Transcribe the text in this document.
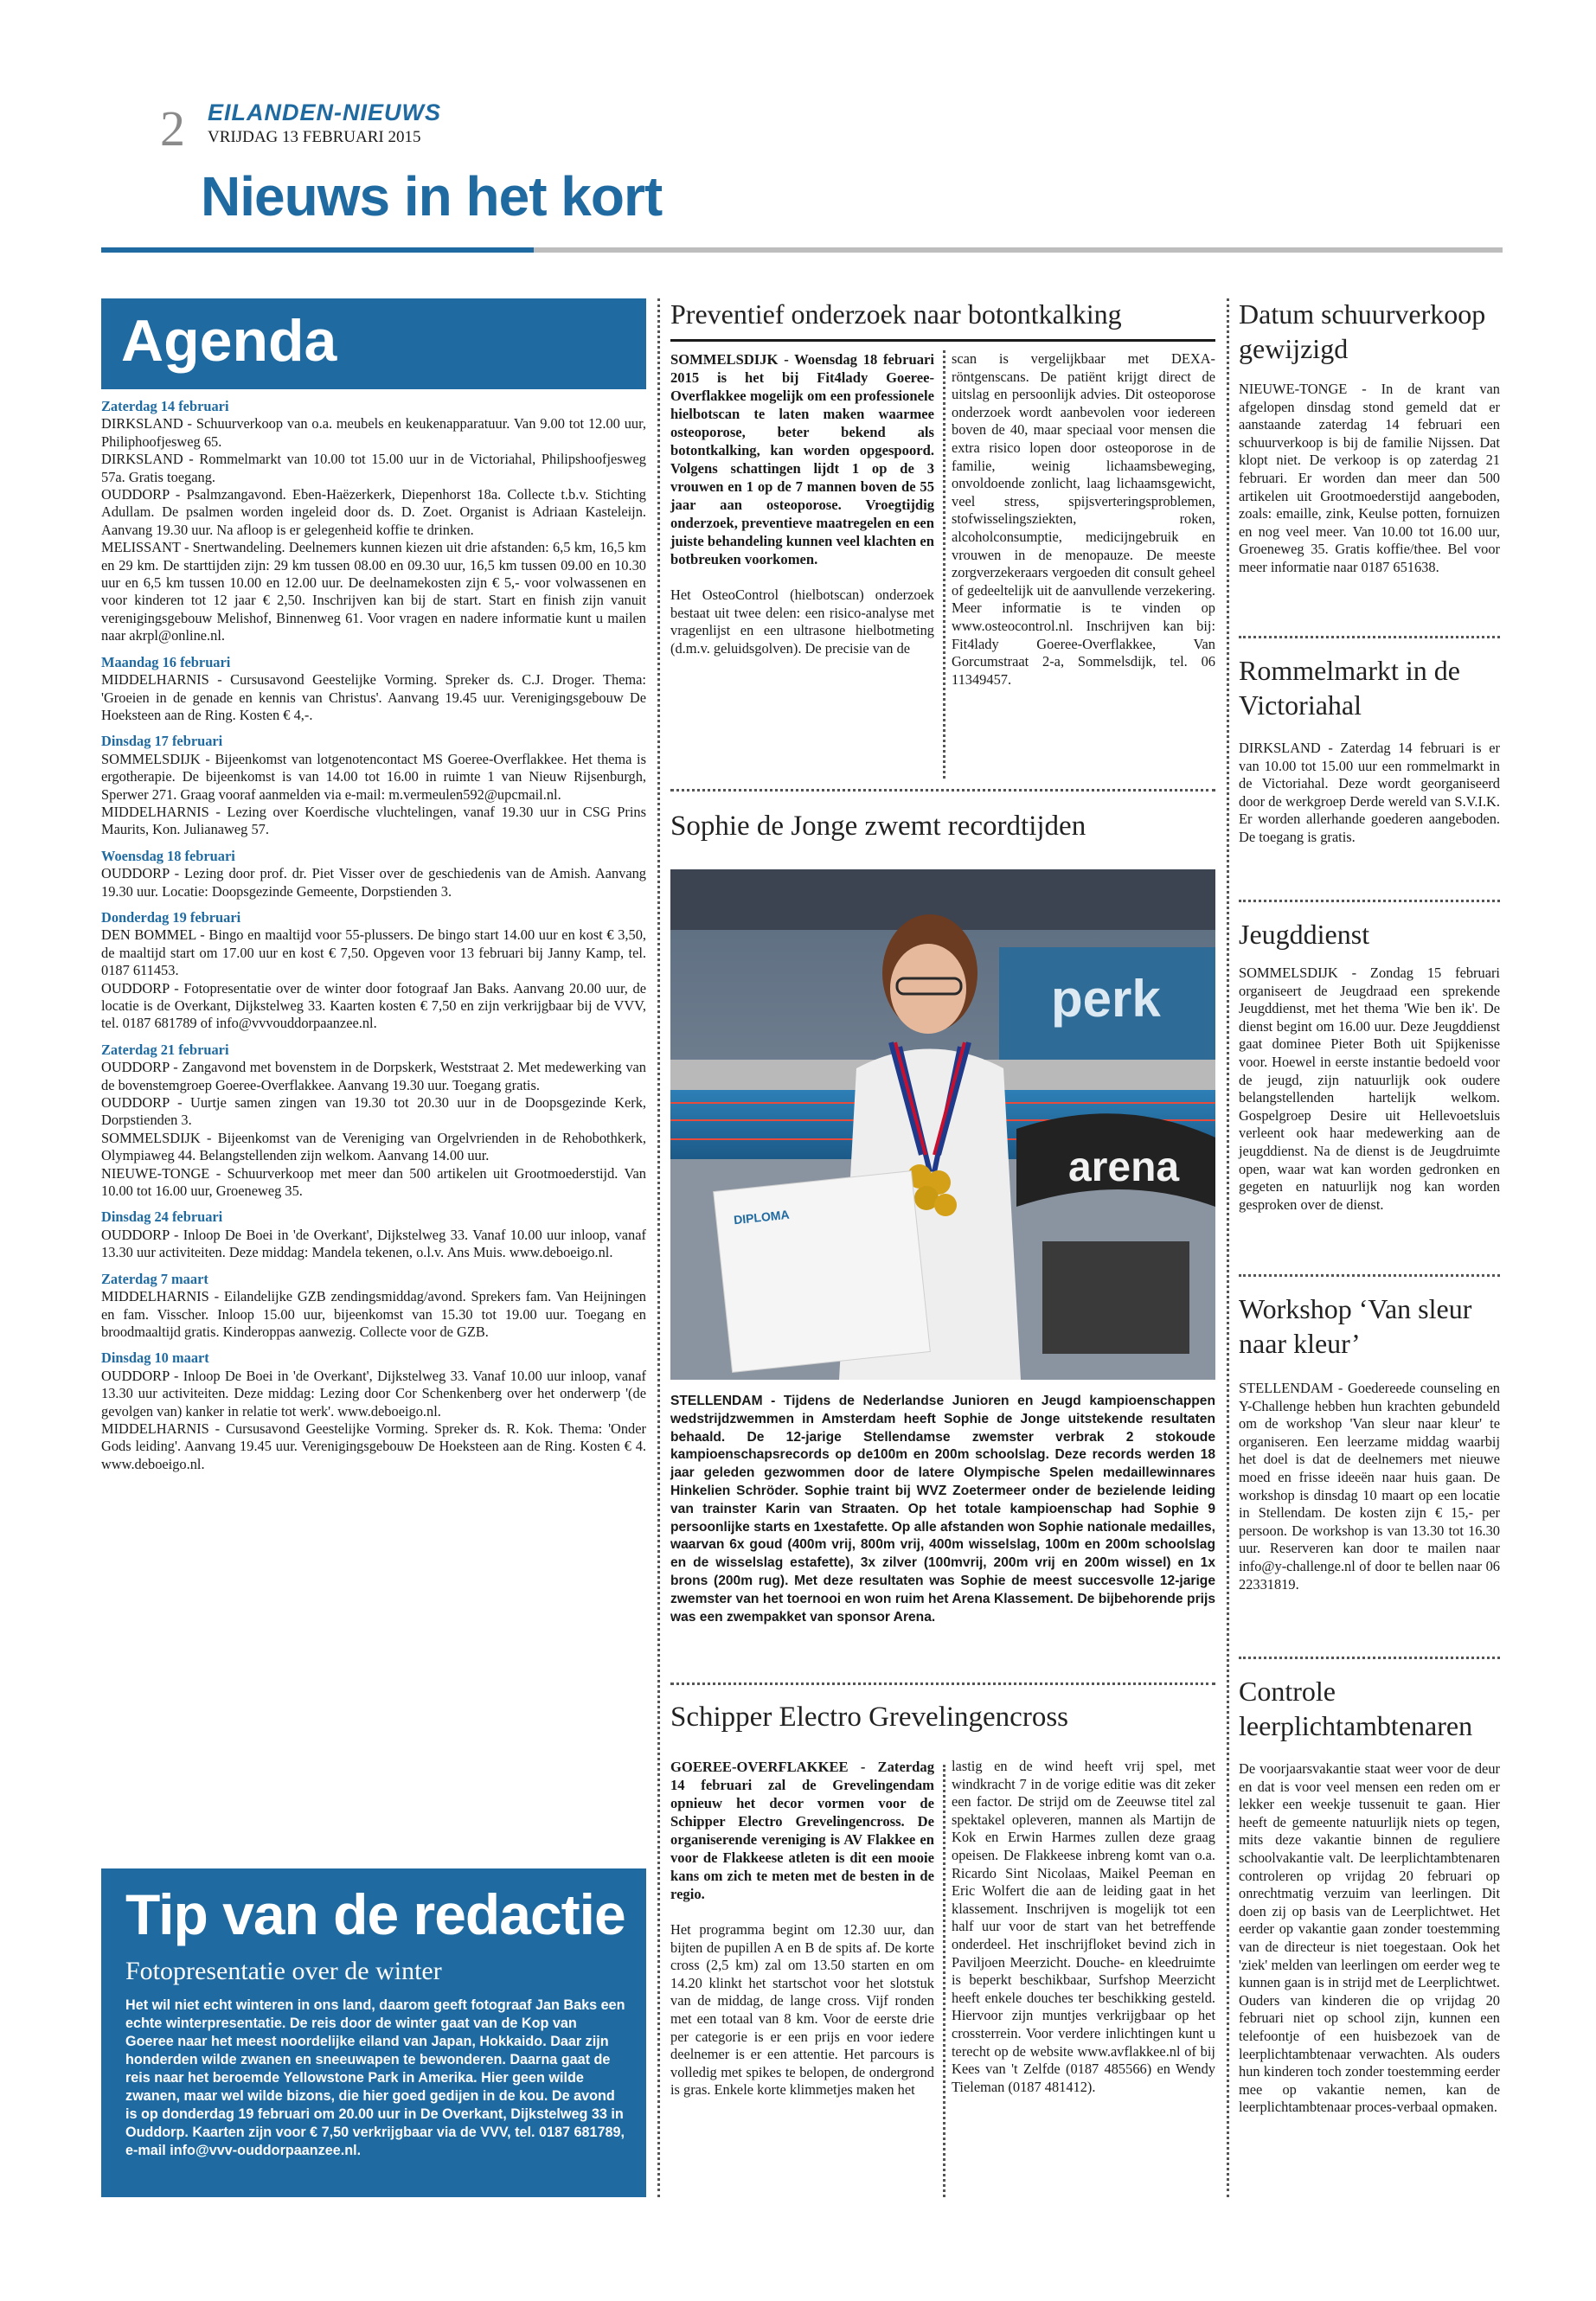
2 EILANDEN-NIEUWS
VRIJDAG 13 FEBRUARI 2015
Nieuws in het kort
Agenda
Zaterdag 14 februari
DIRKSLAND - Schuurverkoop van o.a. meubels en keukenapparatuur. Van 9.00 tot 12.00 uur, Philiphoofjesweg 65.
DIRKSLAND - Rommelmarkt van 10.00 tot 15.00 uur in de Victoriahal, Philipshoofjesweg 57a. Gratis toegang.
OUDDORP - Psalmzangavond. Eben-Haëzerkerk, Diepenhorst 18a. Collecte t.b.v. Stichting Adullam. De psalmen worden ingeleid door ds. D. Zoet. Organist is Adriaan Kasteleijn. Aanvang 19.30 uur. Na afloop is er gelegenheid koffie te drinken.
MELISSANT - Snertwandeling. Deelnemers kunnen kiezen uit drie afstanden: 6,5 km, 16,5 km en 29 km. De starttijden zijn: 29 km tussen 08.00 en 09.30 uur, 16,5 km tussen 09.00 en 10.30 uur en 6,5 km tussen 10.00 en 12.00 uur. De deelnamekosten zijn € 5,- voor volwassenen en voor kinderen tot 12 jaar € 2,50. Inschrijven kan bij de start. Start en finish zijn vanuit verenigingsgebouw Melishof, Binnenweg 61. Voor vragen en nadere informatie kunt u mailen naar akrpl@online.nl.
Maandag 16 februari
MIDDELHARNIS - Cursusavond Geestelijke Vorming. Spreker ds. C.J. Droger. Thema: 'Groeien in de genade en kennis van Christus'. Aanvang 19.45 uur. Verenigingsgebouw De Hoeksteen aan de Ring. Kosten € 4,-.
Dinsdag 17 februari
SOMMELSDIJK - Bijeenkomst van lotgenotencontact MS Goeree-Overflakkee. Het thema is ergotherapie. De bijeenkomst is van 14.00 tot 16.00 in ruimte 1 van Nieuw Rijsenburgh, Sperwer 271. Graag vooraf aanmelden via e-mail: m.vermeulen592@upcmail.nl.
MIDDELHARNIS - Lezing over Koerdische vluchtelingen, vanaf 19.30 uur in CSG Prins Maurits, Kon. Julianaweg 57.
Woensdag 18 februari
OUDDORP - Lezing door prof. dr. Piet Visser over de geschiedenis van de Amish. Aanvang 19.30 uur. Locatie: Doopsgezinde Gemeente, Dorpstienden 3.
Donderdag 19 februari
DEN BOMMEL - Bingo en maaltijd voor 55-plussers. De bingo start 14.00 uur en kost € 3,50, de maaltijd start om 17.00 uur en kost € 7,50. Opgeven voor 13 februari bij Janny Kamp, tel. 0187 611453.
OUDDORP - Fotopresentatie over de winter door fotograaf Jan Baks. Aanvang 20.00 uur, de locatie is de Overkant, Dijkstelweg 33. Kaarten kosten € 7,50 en zijn verkrijgbaar bij de VVV, tel. 0187 681789 of info@vvvouddorpaanzee.nl.
Zaterdag 21 februari
OUDDORP - Zangavond met bovenstem in de Dorpskerk, Weststraat 2. Met medewerking van de bovenstemgroep Goeree-Overflakkee. Aanvang 19.30 uur. Toegang gratis.
OUDDORP - Uurtje samen zingen van 19.30 tot 20.30 uur in de Doopsgezinde Kerk, Dorpstienden 3.
SOMMELSDIJK - Bijeenkomst van de Vereniging van Orgelvrienden in de Rehobothkerk, Olympiaweg 44. Belangstellenden zijn welkom. Aanvang 14.00 uur.
NIEUWE-TONGE - Schuurverkoop met meer dan 500 artikelen uit Grootmoederstijd. Van 10.00 tot 16.00 uur, Groeneweg 35.
Dinsdag 24 februari
OUDDORP - Inloop De Boei in 'de Overkant', Dijkstelweg 33. Vanaf 10.00 uur inloop, vanaf 13.30 uur activiteiten. Deze middag: Mandela tekenen, o.l.v. Ans Muis. www.deboeigo.nl.
Zaterdag 7 maart
MIDDELHARNIS - Eilandelijke GZB zendingsmiddag/avond. Sprekers fam. Van Heijningen en fam. Visscher. Inloop 15.00 uur, bijeenkomst van 15.30 tot 19.00 uur. Toegang en broodmaaltijd gratis. Kinderoppas aanwezig. Collecte voor de GZB.
Dinsdag 10 maart
OUDDORP - Inloop De Boei in 'de Overkant', Dijkstelweg 33. Vanaf 10.00 uur inloop, vanaf 13.30 uur activiteiten. Deze middag: Lezing door Cor Schenkenberg over het onderwerp '(de gevolgen van) kanker in relatie tot werk'. www.deboeigo.nl.
MIDDELHARNIS - Cursusavond Geestelijke Vorming. Spreker ds. R. Kok. Thema: 'Onder Gods leiding'. Aanvang 19.45 uur. Verenigingsgebouw De Hoeksteen aan de Ring. Kosten € 4. www.deboeigo.nl.
Tip van de redactie
Fotopresentatie over de winter
Het wil niet echt winteren in ons land, daarom geeft fotograaf Jan Baks een echte winterpresentatie. De reis door de winter gaat van de Kop van Goeree naar het meest noordelijke eiland van Japan, Hokkaido. Daar zijn honderden wilde zwanen en sneeuwapen te bewonderen. Daarna gaat de reis naar het beroemde Yellowstone Park in Amerika. Hier geen wilde zwanen, maar wel wilde bizons, die hier goed gedijen in de kou. De avond is op donderdag 19 februari om 20.00 uur in De Overkant, Dijkstelweg 33 in Ouddorp. Kaarten zijn voor € 7,50 verkrijgbaar via de VVV, tel. 0187 681789, e-mail info@vvv-ouddorpaanzee.nl.
Preventief onderzoek naar botontkalking
SOMMELSDIJK - Woensdag 18 februari 2015 is het bij Fit4lady Goeree-Overflakkee mogelijk om een professionele hielbotscan te laten maken waarmee osteoporose, beter bekend als botontkalking, kan worden opgespoord. Volgens schattingen lijdt 1 op de 3 vrouwen en 1 op de 7 mannen boven de 55 jaar aan osteoporose. Vroegtijdig onderzoek, preventieve maatregelen en een juiste behandeling kunnen veel klachten en botbreuken voorkomen.
Het OsteoControl (hielbotscan) onderzoek bestaat uit twee delen: een risico-analyse met vragenlijst en een ultrasone hielbotmeting (d.m.v. geluidsgolven). De precisie van de
scan is vergelijkbaar met DEXA-röntgenscans. De patiënt krijgt direct de uitslag en persoonlijk advies. Dit osteoporose onderzoek wordt aanbevolen voor iedereen boven de 40, maar speciaal voor mensen die extra risico lopen door osteoporose in de familie, weinig lichaamsbeweging, onvoldoende zonlicht, laag lichaamsgewicht, veel stress, spijsverteringsproblemen, stofwisselingsziekten, roken, alcoholconsumptie, medicijngebruik en vrouwen in de menopauze. De meeste zorgverzekeraars vergoeden dit consult geheel of gedeeltelijk uit de aanvullende verzekering. Meer informatie is te vinden op www.osteocontrol.nl. Inschrijven kan bij: Fit4lady Goeree-Overflakkee, Van Gorcumstraat 2-a, Sommelsdijk, tel. 06 11349457.
Sophie de Jonge zwemt recordtijden
perk
DIPLOMA
arena
STELLENDAM - Tijdens de Nederlandse Junioren en Jeugd kampioenschappen wedstrijdzwemmen in Amsterdam heeft Sophie de Jonge uitstekende resultaten behaald. De 12-jarige Stellendamse zwemster verbrak 2 stokoude kampioenschapsrecords op de100m en 200m schoolslag. Deze records werden 18 jaar geleden gezwommen door de latere Olympische Spelen medaillewinnares Hinkelien Schröder. Sophie traint bij WVZ Zoetermeer onder de bezielende leiding van trainster Karin van Straaten. Op het totale kampioenschap had Sophie 9 persoonlijke starts en 1xestafette. Op alle afstanden won Sophie nationale medailles, waarvan 6x goud (400m vrij, 800m vrij, 400m wisselslag, 100m en 200m schoolslag en de wisselslag estafette), 3x zilver (100mvrij, 200m vrij en 200m wissel) en 1x brons (200m rug). Met deze resultaten was Sophie de meest succesvolle 12-jarige zwemster van het toernooi en won ruim het Arena Klassement. De bijbehorende prijs was een zwempakket van sponsor Arena.
Schipper Electro Grevelingencross
GOEREE-OVERFLAKKEE - Zaterdag 14 februari zal de Grevelingendam opnieuw het decor vormen voor de Schipper Electro Grevelingencross. De organiserende vereniging is AV Flakkee en voor de Flakkeese atleten is dit een mooie kans om zich te meten met de besten in de regio.
Het programma begint om 12.30 uur, dan bijten de pupillen A en B de spits af. De korte cross (2,5 km) zal om 13.50 starten en om 14.20 klinkt het startschot voor het slotstuk van de middag, de lange cross. Vijf ronden met een totaal van 8 km. Voor de eerste drie per categorie is er een prijs en voor iedere deelnemer is er een attentie. Het parcours is volledig met spikes te belopen, de ondergrond is gras. Enkele korte klimmetjes maken het
lastig en de wind heeft vrij spel, met windkracht 7 in de vorige editie was dit zeker een factor. De strijd om de Zeeuwse titel zal spektakel opleveren, mannen als Martijn de Kok en Erwin Harmes zullen deze graag opeisen. De Flakkeese inbreng komt van o.a. Ricardo Sint Nicolaas, Maikel Peeman en Eric Wolfert die aan de leiding gaat in het klassement. Inschrijven is mogelijk tot een half uur voor de start van het betreffende onderdeel. Het inschrijfloket bevind zich in Paviljoen Meerzicht. Douche- en kleedruimte is beperkt beschikbaar, Surfshop Meerzicht heeft enkele douches ter beschikking gesteld. Hiervoor zijn muntjes verkrijgbaar op het crossterrein. Voor verdere inlichtingen kunt u terecht op de website www.avflakkee.nl of bij Kees van 't Zelfde (0187 485566) en Wendy Tieleman (0187 481412).
Datum schuurverkoop gewijzigd
NIEUWE-TONGE - In de krant van afgelopen dinsdag stond gemeld dat er aanstaande zaterdag 14 februari een schuurverkoop is bij de familie Nijssen. Dat klopt niet. De verkoop is op zaterdag 21 februari. Er worden dan meer dan 500 artikelen uit Grootmoederstijd aangeboden, zoals: emaille, zink, Keulse potten, fornuizen en nog veel meer. Van 10.00 tot 16.00 uur, Groeneweg 35. Gratis koffie/thee. Bel voor meer informatie naar 0187 651638.
Rommelmarkt in de Victoriahal
DIRKSLAND - Zaterdag 14 februari is er van 10.00 tot 15.00 uur een rommelmarkt in de Victoriahal. Deze wordt georganiseerd door de werkgroep Derde wereld van S.V.I.K. Er worden allerhande goederen aangeboden. De toegang is gratis.
Jeugddienst
SOMMELSDIJK - Zondag 15 februari organiseert de Jeugdraad een sprekende Jeugddienst, met het thema 'Wie ben ik'. De dienst begint om 16.00 uur. Deze Jeugddienst gaat dominee Pieter Both uit Spijkenisse voor. Hoewel in eerste instantie bedoeld voor de jeugd, zijn natuurlijk ook oudere belangstellenden hartelijk welkom. Gospelgroep Desire uit Hellevoetsluis verleent ook haar medewerking aan de jeugddienst. Na de dienst is de Jeugdruimte open, waar wat kan worden gedronken en gegeten en natuurlijk nog kan worden gesproken over de dienst.
Workshop ‘Van sleur naar kleur’
STELLENDAM - Goedereede counseling en Y-Challenge hebben hun krachten gebundeld om de workshop 'Van sleur naar kleur' te organiseren. Een leerzame middag waarbij het doel is dat de deelnemers met nieuwe moed en frisse ideeën naar huis gaan. De workshop is dinsdag 10 maart op een locatie in Stellendam. De kosten zijn € 15,- per persoon. De workshop is van 13.30 tot 16.30 uur. Reserveren kan door te mailen naar info@y-challenge.nl of door te bellen naar 06 22331819.
Controle leerplichtambtenaren
De voorjaarsvakantie staat weer voor de deur en dat is voor veel mensen een reden om er lekker een weekje tussenuit te gaan. Hier heeft de gemeente natuurlijk niets op tegen, mits deze vakantie binnen de reguliere schoolvakantie valt. De leerplichtambtenaren controleren op vrijdag 20 februari op onrechtmatig verzuim van leerlingen. Dit doen zij op basis van de Leerplichtwet. Het eerder op vakantie gaan zonder toestemming van de directeur is niet toegestaan. Ook het 'ziek' melden van leerlingen om eerder weg te kunnen gaan is in strijd met de Leerplichtwet. Ouders van kinderen die op vrijdag 20 februari niet op school zijn, kunnen een telefoontje of een huisbezoek van de leerplichtambtenaar verwachten. Als ouders hun kinderen toch zonder toestemming eerder mee op vakantie nemen, kan de leerplichtambtenaar proces-verbaal opmaken.
